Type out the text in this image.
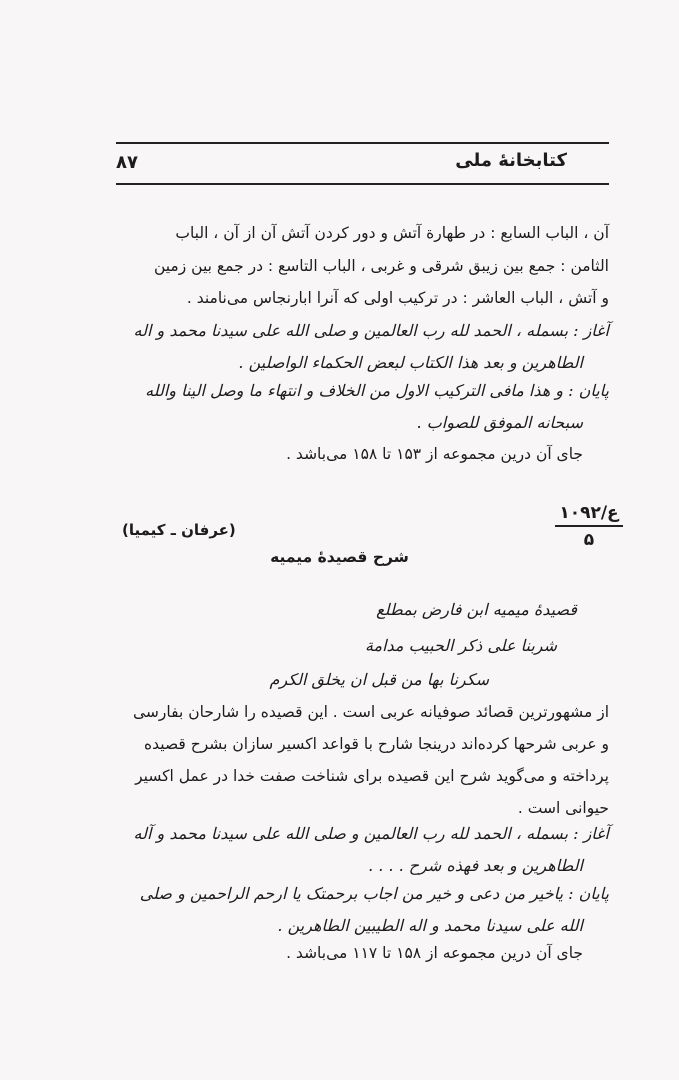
کتابخانهٔ ملی
۸۷
آن ، الباب السابع : در طهارة آتش و دور کردن آتش آن از آن ، الباب
الثامن : جمع بین زیبق شرقی و غربی ، الباب التاسع : در جمع بین زمین
و آتش ، الباب العاشر : در ترکیب اولی که آنرا ابارنجاس می‌نامند .
آغاز : بسمله ، الحمد لله رب العالمین و صلی الله علی سیدنا محمد و اله
الطاهرین و بعد هذا الکتاب لبعض الحکماء الواصلین .
پایان : و هذا مافی الترکیب الاول من الخلاف و انتهاء ما وصل الینا والله
سبحانه الموفق للصواب .
جای آن درین مجموعه از ۱۵۳ تا ۱۵۸ می‌باشد .
۱۰۹۲/ع
۵
(عرفان ـ کیمیا)
شرح قصیدهٔ میمیه
قصیدهٔ میمیه ابن فارض بمطلع
شربنا علی ذکر الحبیب مدامة
سکرنا بها من قبل ان یخلق الکرم
از مشهورترین قصائد صوفیانه عربی است . این قصیده را شارحان بفارسی
و عربی شرحها کرده‌اند درینجا شارح با قواعد اکسیر سازان بشرح قصیده
پرداخته و می‌گوید شرح این قصیده برای شناخت صفت خدا در عمل اکسیر
حیوانی است .
آغاز : بسمله ، الحمد لله رب العالمین و صلی الله علی سیدنا محمد و آله
الطاهرین و بعد فهذه شرح . . . .
پایان : یاخیر من دعی و خیر من اجاب برحمتک یا ارحم الراحمین و صلی
الله علی سیدنا محمد و اله الطیبین الطاهرین .
جای آن درین مجموعه از ۱۵۸ تا ۱۱۷ می‌باشد .
